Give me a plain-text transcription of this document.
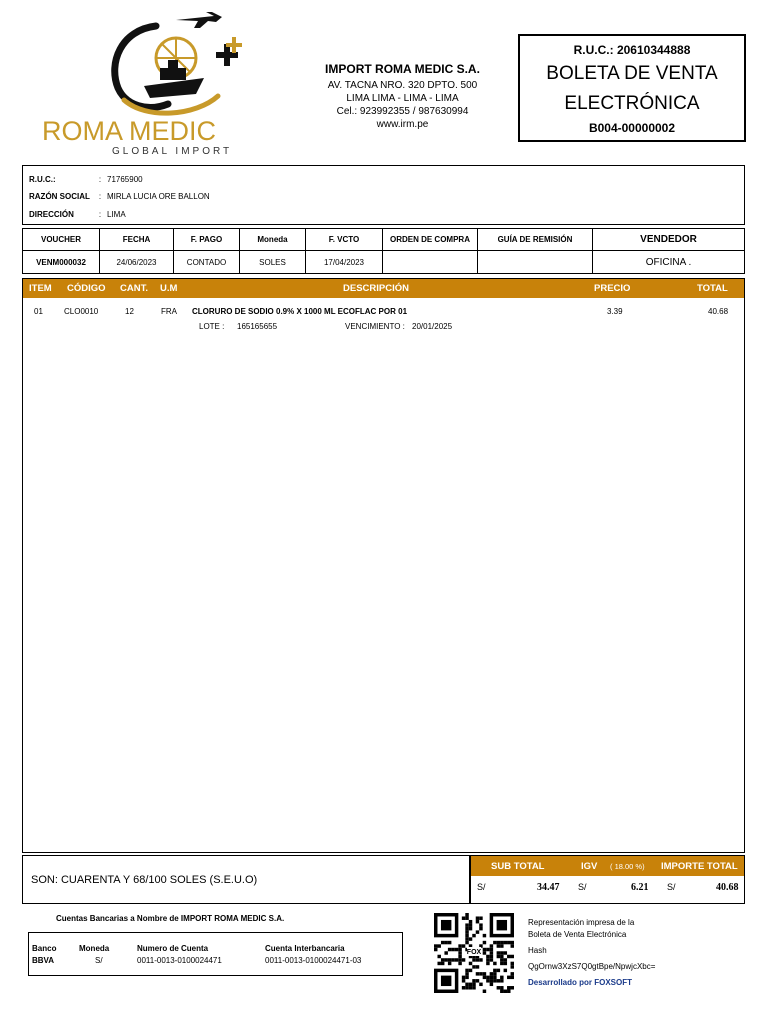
ROMA MEDIC
GLOBAL IMPORT
IMPORT ROMA MEDIC S.A.
AV. TACNA NRO. 320 DPTO. 500
LIMA LIMA - LIMA - LIMA
Cel.: 923992355 / 987630994
www.irm.pe
R.U.C.: 20610344888
BOLETA DE VENTA
ELECTRÓNICA
B004-00000002
R.U.C.:	: 71765900
RAZÓN SOCIAL	: MIRLA LUCIA ORE BALLON
DIRECCIÓN	: LIMA
VOUCHER	FECHA	F. PAGO	Moneda	F. VCTO	ORDEN DE COMPRA	GUÍA DE REMISIÓN	VENDEDOR
VENM000032	24/06/2023	CONTADO	SOLES	17/04/2023			OFICINA .
ITEM CÓDIGO CANT. U.M	DESCRIPCIÓN	PRECIO	TOTAL
01	CLO0010	12	FRA CLORURO DE SODIO 0.9% X 1000 ML ECOFLAC POR 01	3.39	40.68
LOTE : 165165655	VENCIMIENTO : 20/01/2025
SON: CUARENTA Y 68/100 SOLES (S.E.U.O)
SUB TOTAL	IGV ( 18.00 %) IMPORTE TOTAL
S/	34.47 S/	6.21 S/	40.68
Cuentas Bancarias a Nombre de IMPORT ROMA MEDIC S.A.
Banco	Moneda	Numero de Cuenta	Cuenta Interbancaria
BBVA	S/	0011-0013-0100024471	0011-0013-0100024471-03
FOX
Representación impresa de la
Boleta de Venta Electrónica
Hash
QgOrnw3XzS7Q0gtBpe/NpwjcXbc=
Desarrollado por FOXSOFT
